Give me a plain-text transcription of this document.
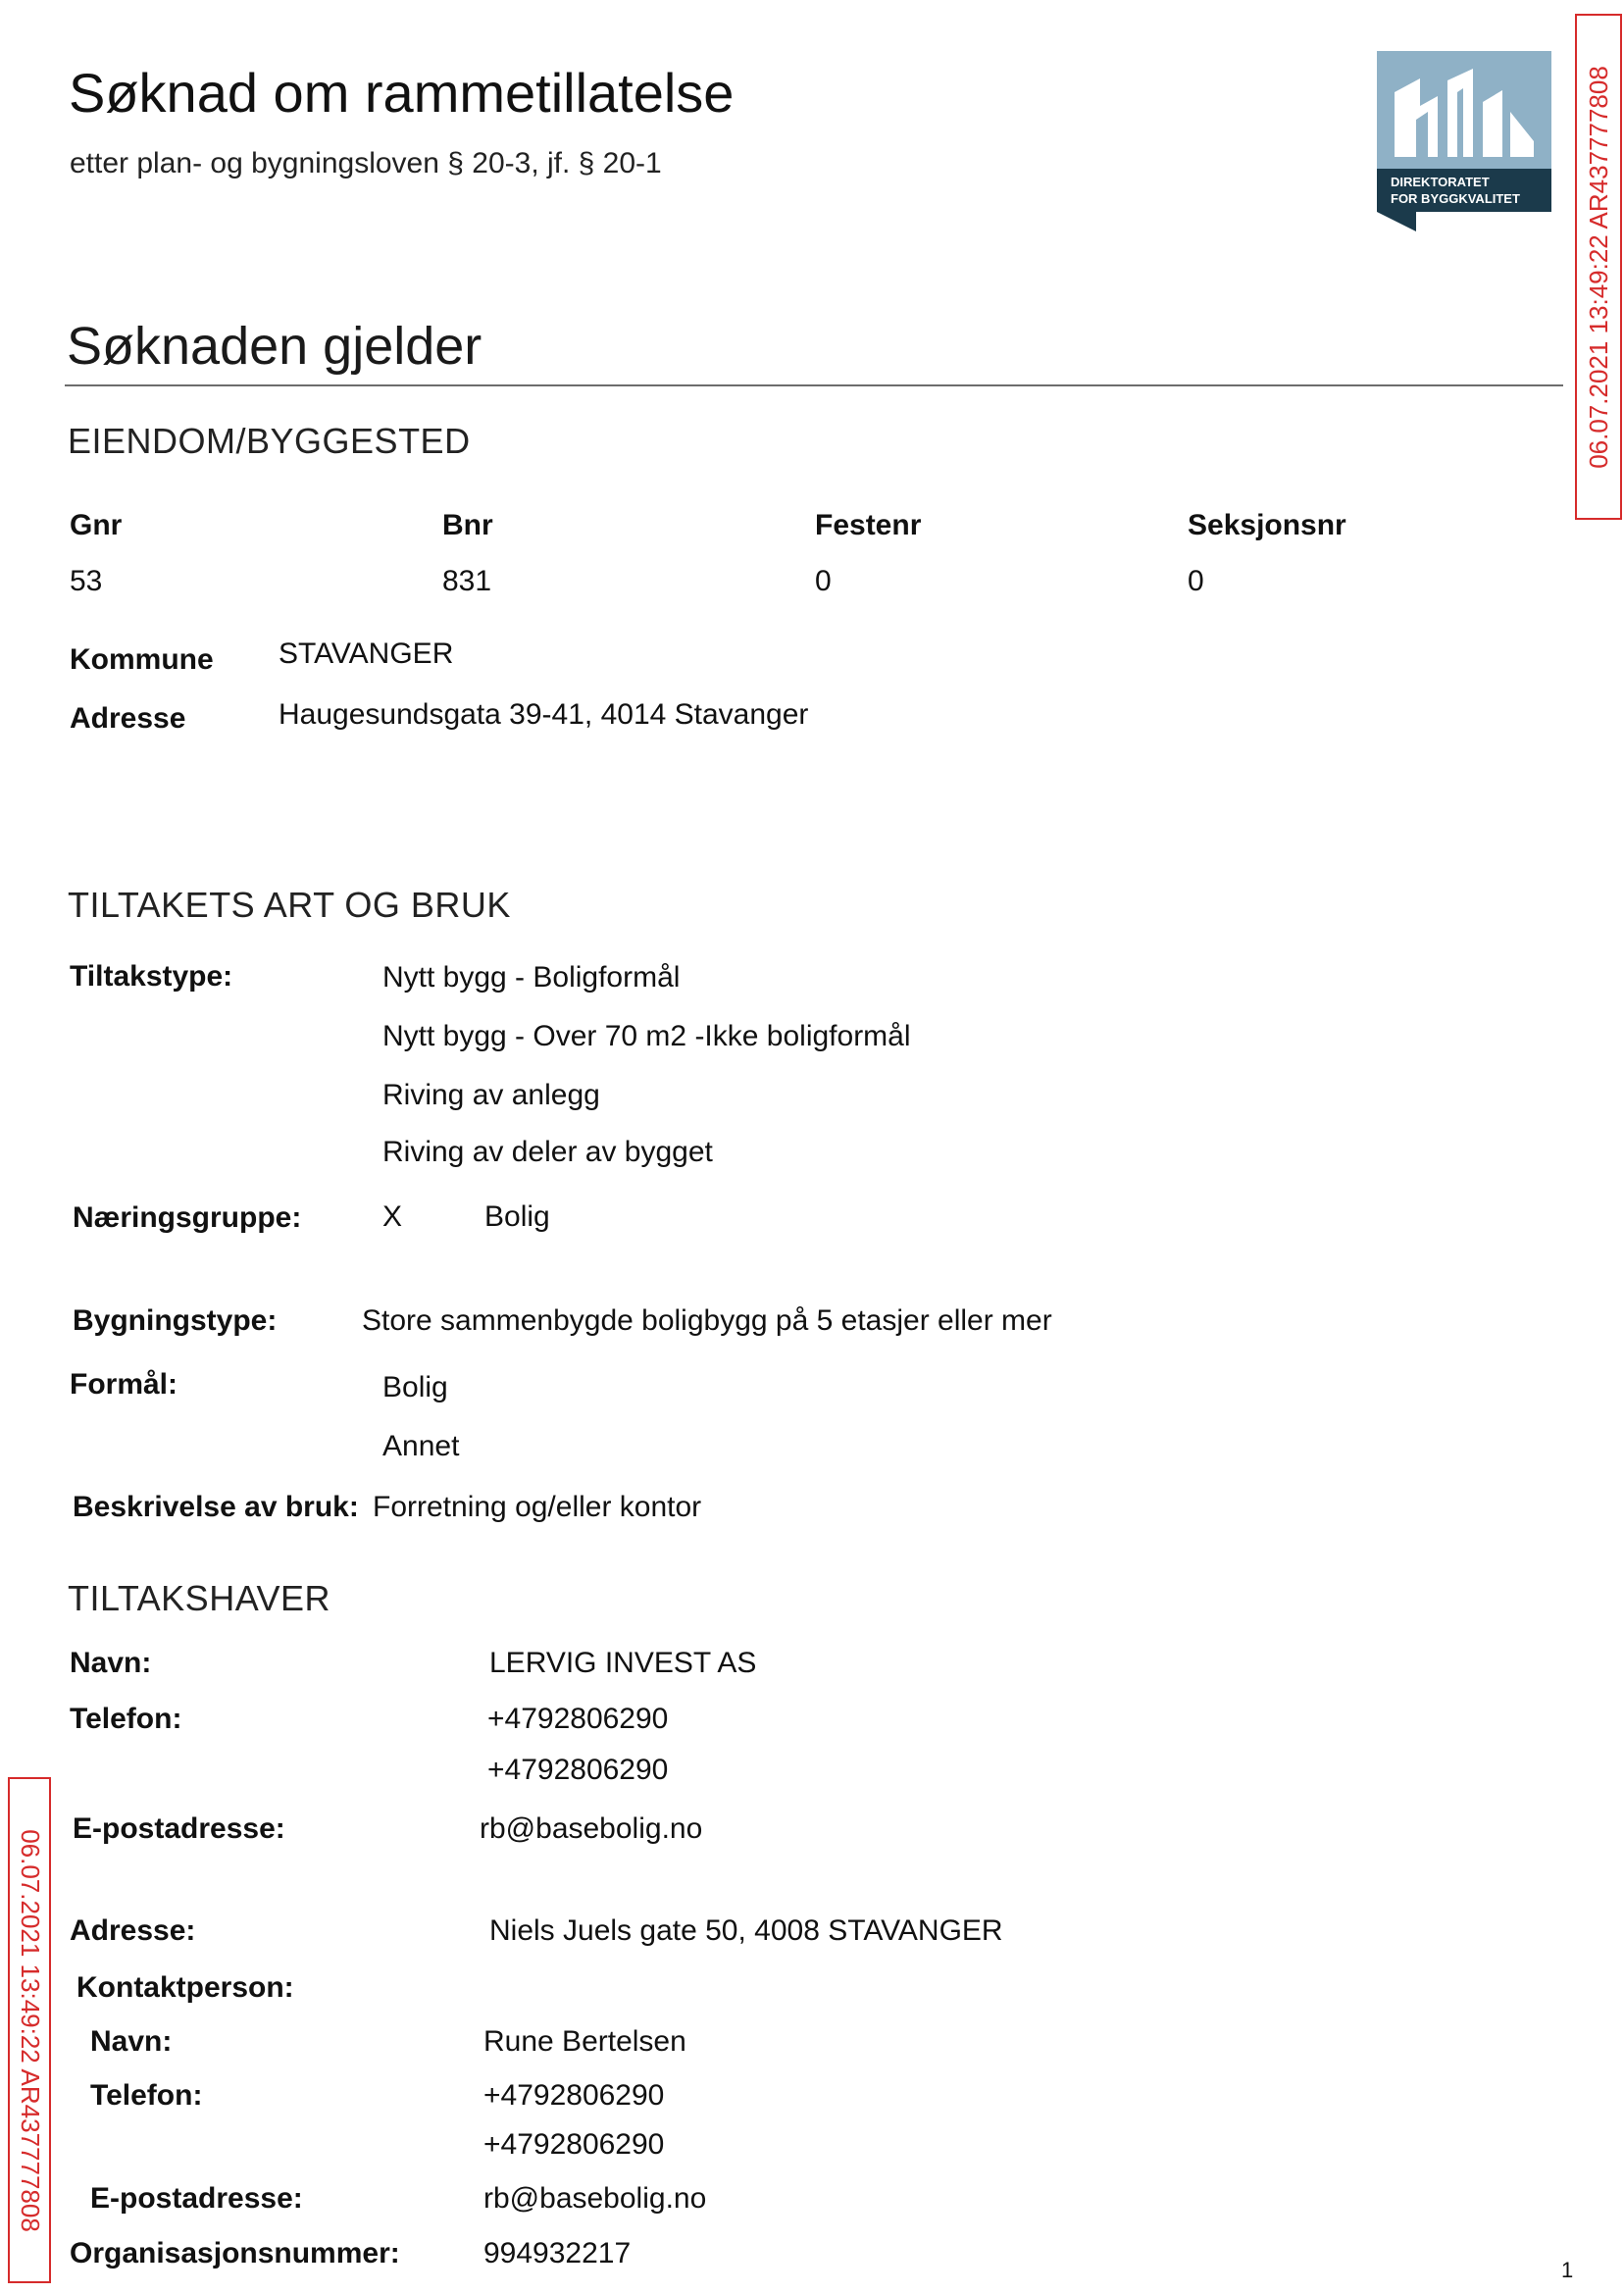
Søknad om rammetillatelse
etter plan- og bygningsloven § 20-3, jf. § 20-1
DIREKTORATET
FOR BYGGKVALITET 06.07.2021 13:49:22 AR437777808
06.07.2021 13:49:22 AR437777808
Søknaden gjelder
EIENDOM/BYGGESTED
Gnr	Bnr	Festenr	Seksjonsnr
53	831	0	0
Kommune STAVANGER
Adresse	Haugesundsgata 39-41, 4014 Stavanger
TILTAKETS ART OG BRUK
Tiltakstype:	Nytt bygg - Boligformål
Nytt bygg - Over 70 m2 -Ikke boligformål
Riving av anlegg
Riving av deler av bygget
Næringsgruppe:	X	Bolig
Bygningstype:	Store sammenbygde boligbygg på 5 etasjer eller mer
Formål:	Bolig
Annet
Beskrivelse av bruk: Forretning og/eller kontor
TILTAKSHAVER
Navn:	LERVIG INVEST AS
Telefon:	+4792806290
+4792806290
E-postadresse:	rb@basebolig.no
Adresse:	Niels Juels gate 50, 4008 STAVANGER
Kontaktperson:
Navn:	Rune Bertelsen
Telefon:	+4792806290
+4792806290
E-postadresse:	rb@basebolig.no
Organisasjonsnummer:	994932217
1
